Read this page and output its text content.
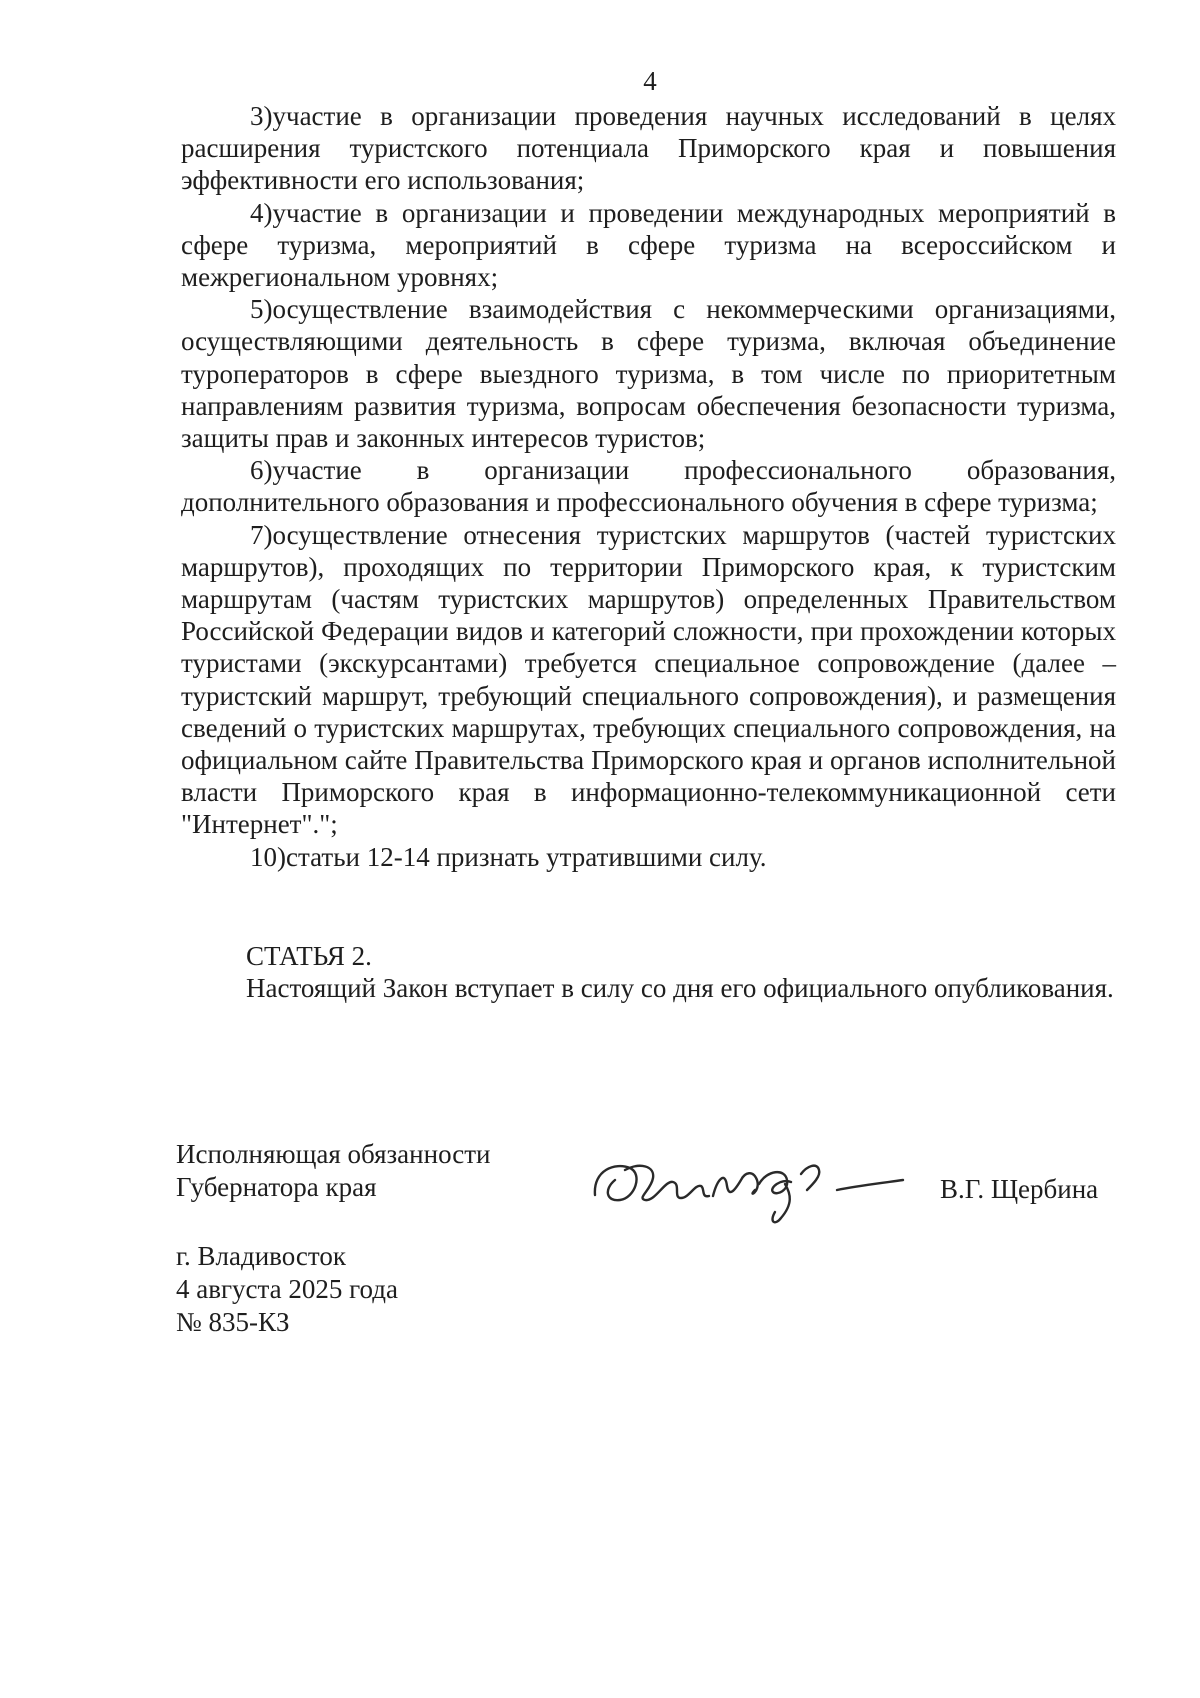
4

3)участие в организации проведения научных исследований в целях расширения туристского потенциала Приморского края и повышения эффективности его использования;

4)участие в организации и проведении международных мероприятий в сфере туризма, мероприятий в сфере туризма на всероссийском и межрегиональном уровнях;

5)осуществление взаимодействия с некоммерческими организациями, осуществляющими деятельность в сфере туризма, включая объединение туроператоров в сфере выездного туризма, в том числе по приоритетным направлениям развития туризма, вопросам обеспечения безопасности туризма, защиты прав и законных интересов туристов;

6)участие в организации профессионального образования, дополнительного образования и профессионального обучения в сфере туризма;

7)осуществление отнесения туристских маршрутов (частей туристских маршрутов), проходящих по территории Приморского края, к туристским маршрутам (частям туристских маршрутов) определенных Правительством Российской Федерации видов и категорий сложности, при прохождении которых туристами (экскурсантами) требуется специальное сопровождение (далее – туристский маршрут, требующий специального сопровождения), и размещения сведений о туристских маршрутах, требующих специального сопровождения, на официальном сайте Правительства Приморского края и органов исполнительной власти Приморского края в информационно-телекоммуникационной сети "Интернет".";

10)статьи 12-14 признать утратившими силу.

СТАТЬЯ 2.

Настоящий Закон вступает в силу со дня его официального опубликования.

Исполняющая обязанности
Губернатора края	В.Г. Щербина
г. Владивосток
4 августа 2025 года
№ 835-КЗ
